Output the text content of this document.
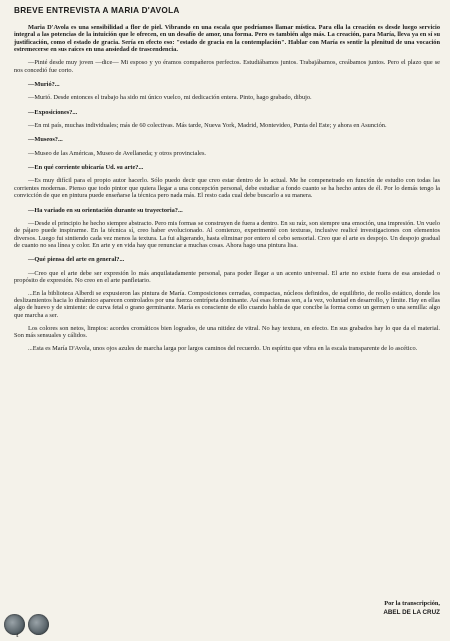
BREVE ENTREVISTA A MARIA D'AVOLA

Maria D'Avola es una sensibilidad a flor de piel. Vibrando en una escala que podríamos llamar mística. Para ella la creación es desde luego servicio integral a las potencias de la intuición que le ofrecen, en un desafío de amor, una forma. Pero es también algo más. La creación, para María, lleva ya en sí su justificación, como el estado de gracia. Sería en efecto eso: "estado de gracia en la contemplación". Hablar con María es sentir la plenitud de una vocación estremecerse en sus raíces en una ansiedad de trascendencia.

—Pinté desde muy joven —dice— Mi esposo y yo éramos compañeros perfectos. Estudiábamos juntos. Trabajábamos, creábamos juntos. Pero el plazo que se nos concedió fue corto.

—Murió?...

—Murió. Desde entonces el trabajo ha sido mi único vuelco, mi dedicación entera. Pinto, hago grabado, dibujo.

—Exposiciones?...

—En mi país, muchas individuales; más de 60 colectivas. Más tarde, Nueva York, Madrid, Montevideo, Punta del Este; y ahora en Asunción.

—Museos?...

—Museo de las Américas, Museo de Avellaneda; y otros provinciales.

—En qué corriente ubicaría Ud. su arte?...

—Es muy difícil para el propio autor hacerlo. Sólo puedo decir que creo estar dentro de lo actual. Me he compenetrado en función de estudio con todas las corrientes modernas. Pienso que todo pintor que quiera llegar a una concepción personal, debe estudiar a fondo cuanto se ha hecho antes de él. Por lo demás tengo la convicción de que en pintura puede enseñarse la técnica pero nada más. El resto cada cual debe buscarlo a su manera.

—Ha variado en su orientación durante su trayectoria?...

—Desde el principio he hecho siempre abstracto. Pero mis formas se construyen de fuera a dentro. En su raíz, son siempre una emoción, una impresión. Un vuelo de pájaro puede inspirarme. En la técnica sí, creo haber evolucionado. Al comienzo, experimenté con texturas, inclusive realicé investigaciones con elementos diversos. Luego fui sintiendo cada vez menos la textura. La fui aligerando, hasta eliminar por entero el cebo sensorial. Creo que el arte es despojo. Un despojo gradual de cuanto no sea línea y color. En arte y en vida hay que renunciar a muchas cosas. Ahora hago una pintura lisa.

—Qué piensa del arte en general?...

—Creo que el arte debe ser expresión lo más anquilatadamente personal, para poder llegar a un acento universal. El arte no existe fuera de esa ansiedad o propósito de expresión. No creo en el arte panfletario.

...En la biblioteca Alberdi se expusieron las pintura de María. Composiciones cerradas, compactas, núcleos definidos, de equilibrio, de reollo estático, donde los deslizamientos hacia lo dinámico aparecen controlados por una fuerza centrípeta dominante. Así esas formas son, a la vez, voluntad en desarrollo, y límite. Hay en ellas algo de huevo y de simiente: de curva fetal o grano germinante. María es consciente de ello cuando habla de que concibe la forma como un germen o una semilla: algo que marcha a ser.

Los colores son netos, limpios: acordes cromáticos bien logrados, de una nitidez de vitral. No hay textura, en efecto. En sus grabados hay lo que da el material. Son más sensuales y cálidos.

...Esta es María D'Avola, unos ojos azules de marcha larga por largos caminos del recuerdo. Un espíritu que vibra en la escala transparente de lo ascético.

Por la transcripción,

ABEL DE LA CRUZ

4
